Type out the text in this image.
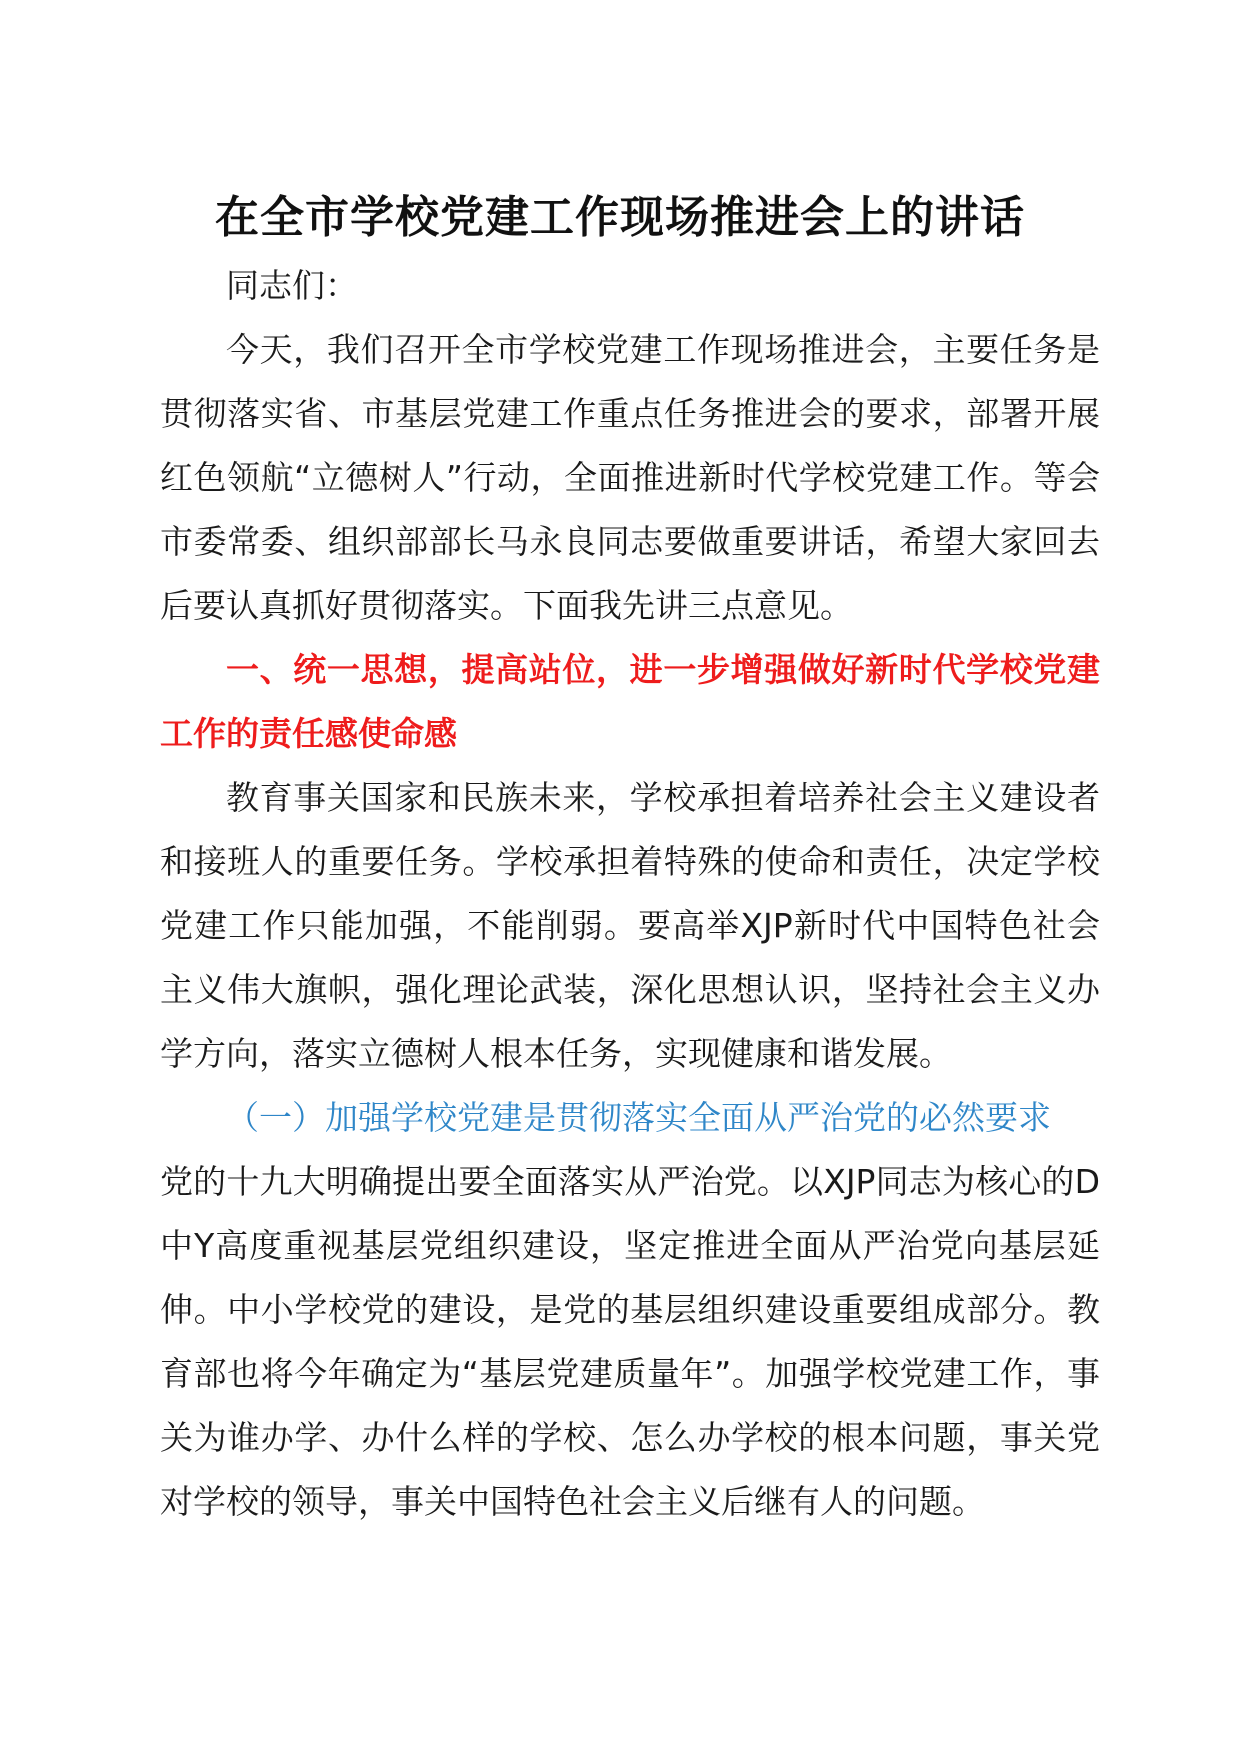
在全市学校党建工作现场推进会上的讲话

同志们：

今天，我们召开全市学校党建工作现场推进会，主要任务是贯彻落实省、市基层党建工作重点任务推进会的要求，部署开展红色领航“立德树人”行动，全面推进新时代学校党建工作。等会市委常委、组织部部长马永良同志要做重要讲话，希望大家回去后要认真抓好贯彻落实。下面我先讲三点意见。

一、统一思想，提高站位，进一步增强做好新时代学校党建工作的责任感使命感

教育事关国家和民族未来，学校承担着培养社会主义建设者和接班人的重要任务。学校承担着特殊的使命和责任，决定学校党建工作只能加强，不能削弱。要高举XJP新时代中国特色社会主义伟大旗帜，强化理论武装，深化思想认识，坚持社会主义办学方向，落实立德树人根本任务，实现健康和谐发展。

（一）加强学校党建是贯彻落实全面从严治党的必然要求

党的十九大明确提出要全面落实从严治党。以XJP同志为核心的D中Y高度重视基层党组织建设，坚定推进全面从严治党向基层延伸。中小学校党的建设，是党的基层组织建设重要组成部分。教育部也将今年确定为“基层党建质量年”。加强学校党建工作，事关为谁办学、办什么样的学校、怎么办学校的根本问题，事关党对学校的领导，事关中国特色社会主义后继有人的问题。
